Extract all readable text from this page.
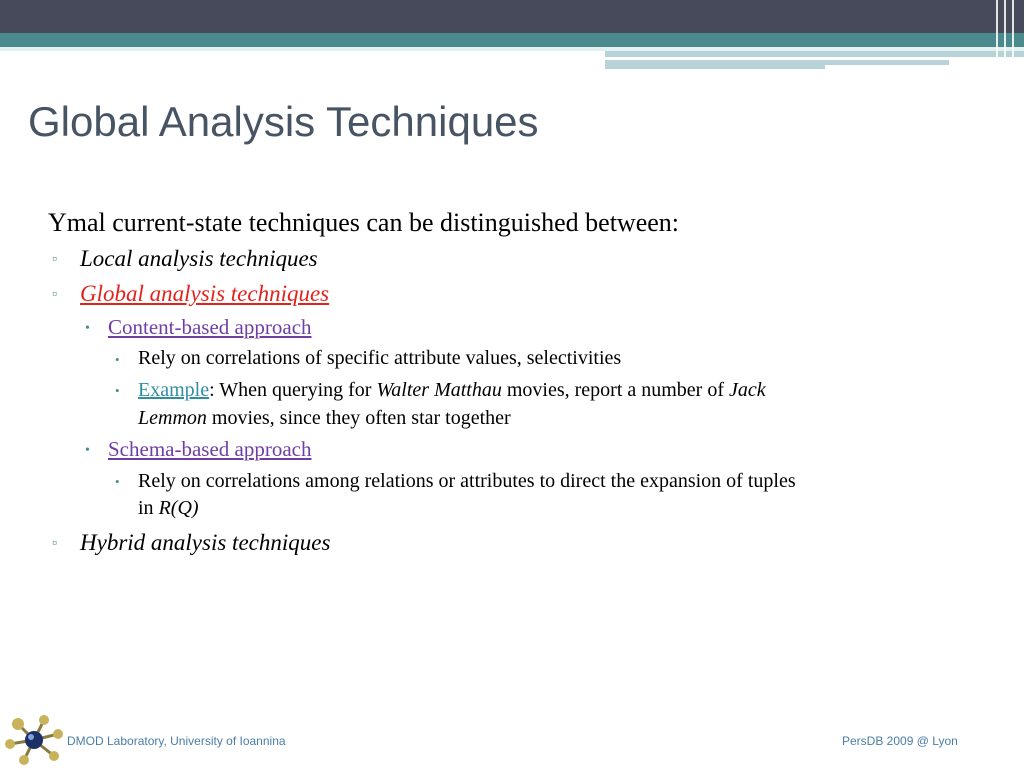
Global Analysis Techniques
Ymal current-state techniques can be distinguished between:
▫ Local analysis techniques
▫ Global analysis techniques
• Content-based approach
• Rely on correlations of specific attribute values, selectivities
• Example: When querying for Walter Matthau movies, report a number of Jack
Lemmon movies, since they often star together
• Schema-based approach
• Rely on correlations among relations or attributes to direct the expansion of tuples
in R(Q)
▫ Hybrid analysis techniques
DMOD Laboratory, University of Ioannina	PersDB 2009 @ Lyon
